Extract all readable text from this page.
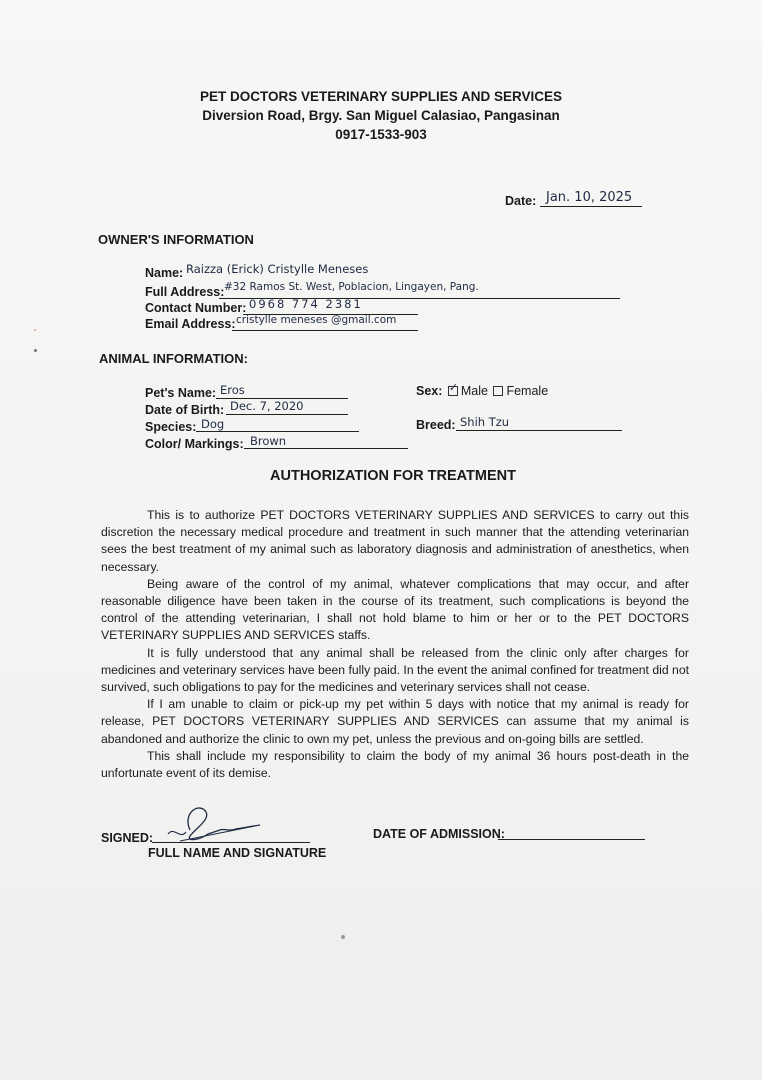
PET DOCTORS VETERINARY SUPPLIES AND SERVICES
Diversion Road, Brgy. San Miguel Calasiao, Pangasinan
0917-1533-903
Date: Jan. 10, 2025
OWNER'S INFORMATION
Name: Raizza (Erick) Cristylle Meneses
Full Address: #32 Ramos St. West, Poblacion, Lingayen, Pang.
Contact Number: 0968 774 2381
Email Address: cristylle meneses @gmail.com
ANIMAL INFORMATION:
Pet's Name: Eros
Date of Birth: Dec. 7, 2020
Species: Dog
Color/ Markings: Brown
Sex: ✓ Male Female
Breed: Shih Tzu
AUTHORIZATION FOR TREATMENT

This is to authorize PET DOCTORS VETERINARY SUPPLIES AND SERVICES to carry out this discretion the necessary medical procedure and treatment in such manner that the attending veterinarian sees the best treatment of my animal such as laboratory diagnosis and administration of anesthetics, when necessary.

Being aware of the control of my animal, whatever complications that may occur, and after reasonable diligence have been taken in the course of its treatment, such complications is beyond the control of the attending veterinarian, I shall not hold blame to him or her or to the PET DOCTORS VETERINARY SUPPLIES AND SERVICES staffs.

It is fully understood that any animal shall be released from the clinic only after charges for medicines and veterinary services have been fully paid. In the event the animal confined for treatment did not survived, such obligations to pay for the medicines and veterinary services shall not cease.

If I am unable to claim or pick-up my pet within 5 days with notice that my animal is ready for release, PET DOCTORS VETERINARY SUPPLIES AND SERVICES can assume that my animal is abandoned and authorize the clinic to own my pet, unless the previous and on-going bills are settled.

This shall include my responsibility to claim the body of my animal 36 hours post-death in the unfortunate event of its demise.

SIGNED:
FULL NAME AND SIGNATURE
DATE OF ADMISSION:
